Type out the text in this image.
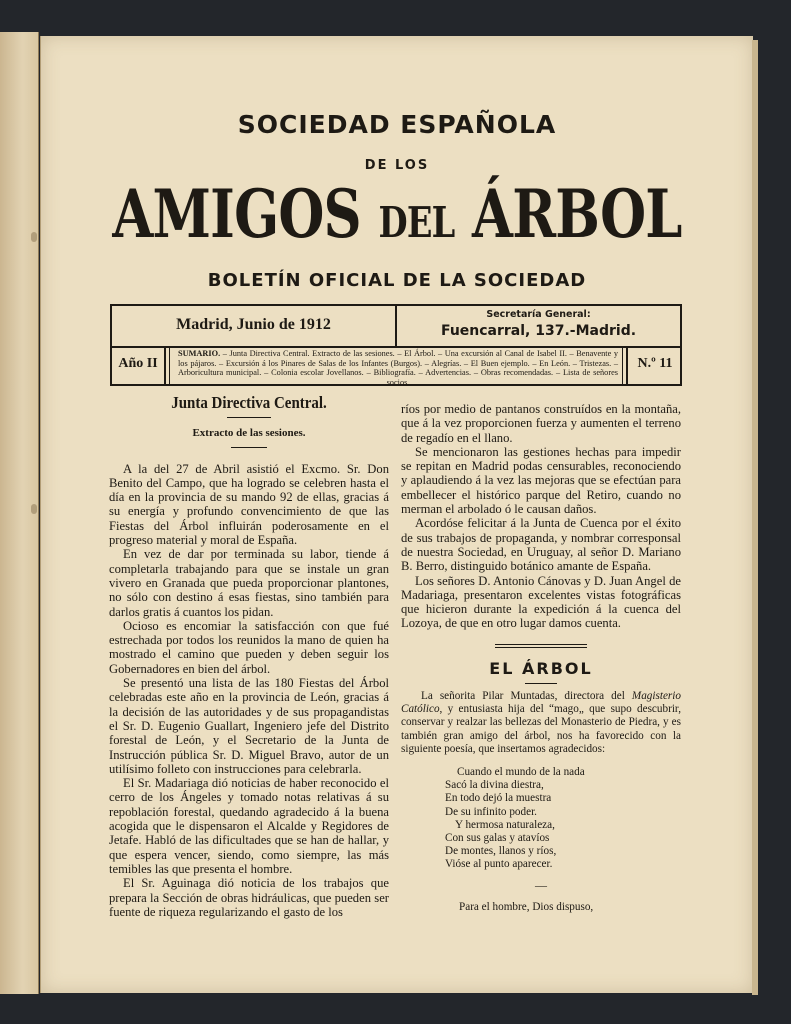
SOCIEDAD ESPAÑOLA
DE LOS
AMIGOS DEL ÁRBOL
BOLETÍN OFICIAL DE LA SOCIEDAD
Madrid, Junio de 1912
Secretaría General:
Fuencarral, 137.-Madrid.
Año II
SUMARIO. – Junta Directiva Central. Extracto de las sesiones. – El Árbol. – Una excursión al Canal de Isabel II. – Benavente y los pájaros. – Excursión á los Pinares de Salas de los Infantes (Burgos). – Alegrías. – El Buen ejemplo. – En León. – Tristezas. – Arboricultura municipal. – Colonia escolar Jovellanos. – Bibliografía. – Advertencias. – Obras recomendadas. – Lista de señores socios.
N.º 11
Junta Directiva Central.
Extracto de las sesiones.

A la del 27 de Abril asistió el Excmo. Sr. Don Benito del Campo, que ha logrado se celebren hasta el día en la provincia de su mando 92 de ellas, gracias á su energía y profundo convencimiento de que las Fiestas del Árbol influirán poderosamente en el progreso material y moral de España.

En vez de dar por terminada su labor, tiende á completarla trabajando para que se instale un gran vivero en Granada que pueda proporcionar plantones, no sólo con destino á esas fiestas, sino también para darlos gratis á cuantos los pidan.

Ocioso es encomiar la satisfacción con que fué estrechada por todos los reunidos la mano de quien ha mostrado el camino que pueden y deben seguir los Gobernadores en bien del árbol.

Se presentó una lista de las 180 Fiestas del Árbol celebradas este año en la provincia de León, gracias á la decisión de las autoridades y de sus propagandistas el Sr. D. Eugenio Guallart, Ingeniero jefe del Distrito forestal de León, y el Secretario de la Junta de Instrucción pública Sr. D. Miguel Bravo, autor de un utilísimo folleto con instrucciones para celebrarla.

El Sr. Madariaga dió noticias de haber reconocido el cerro de los Ángeles y tomado notas relativas á su repoblación forestal, quedando agradecido á la buena acogida que le dispensaron el Alcalde y Regidores de Jetafe. Habló de las dificultades que se han de hallar, y que espera vencer, siendo, como siempre, las más temibles las que presenta el hombre.

El Sr. Aguinaga dió noticia de los trabajos que prepara la Sección de obras hidráulicas, que pueden ser fuente de riqueza regularizando el gasto de los

ríos por medio de pantanos construídos en la montaña, que á la vez proporcionen fuerza y aumenten el terreno de regadío en el llano.

Se mencionaron las gestiones hechas para impedir se repitan en Madrid podas censurables, reconociendo y aplaudiendo á la vez las mejoras que se efectúan para embellecer el histórico parque del Retiro, cuando no merman el arbolado ó le causan daños.

Acordóse felicitar á la Junta de Cuenca por el éxito de sus trabajos de propaganda, y nombrar corresponsal de nuestra Sociedad, en Uruguay, al señor D. Mariano B. Berro, distinguido botánico amante de España.

Los señores D. Antonio Cánovas y D. Juan Angel de Madariaga, presentaron excelentes vistas fotográficas que hicieron durante la expedición á la cuenca del Lozoya, de que en otro lugar damos cuenta.

EL ÁRBOL

La señorita Pilar Muntadas, directora del Magisterio Católico, y entusiasta hija del “mago„ que supo descubrir, conservar y realzar las bellezas del Monasterio de Piedra, y es también gran amigo del árbol, nos ha favorecido con la siguiente poesía, que insertamos agradecidos:

Cuando el mundo de la nada
Sacó la divina diestra,
En todo dejó la muestra
De su infinito poder.
Y hermosa naturaleza,
Con sus galas y atavíos
De montes, llanos y ríos,
Vióse al punto aparecer.
—
Para el hombre, Dios dispuso,
